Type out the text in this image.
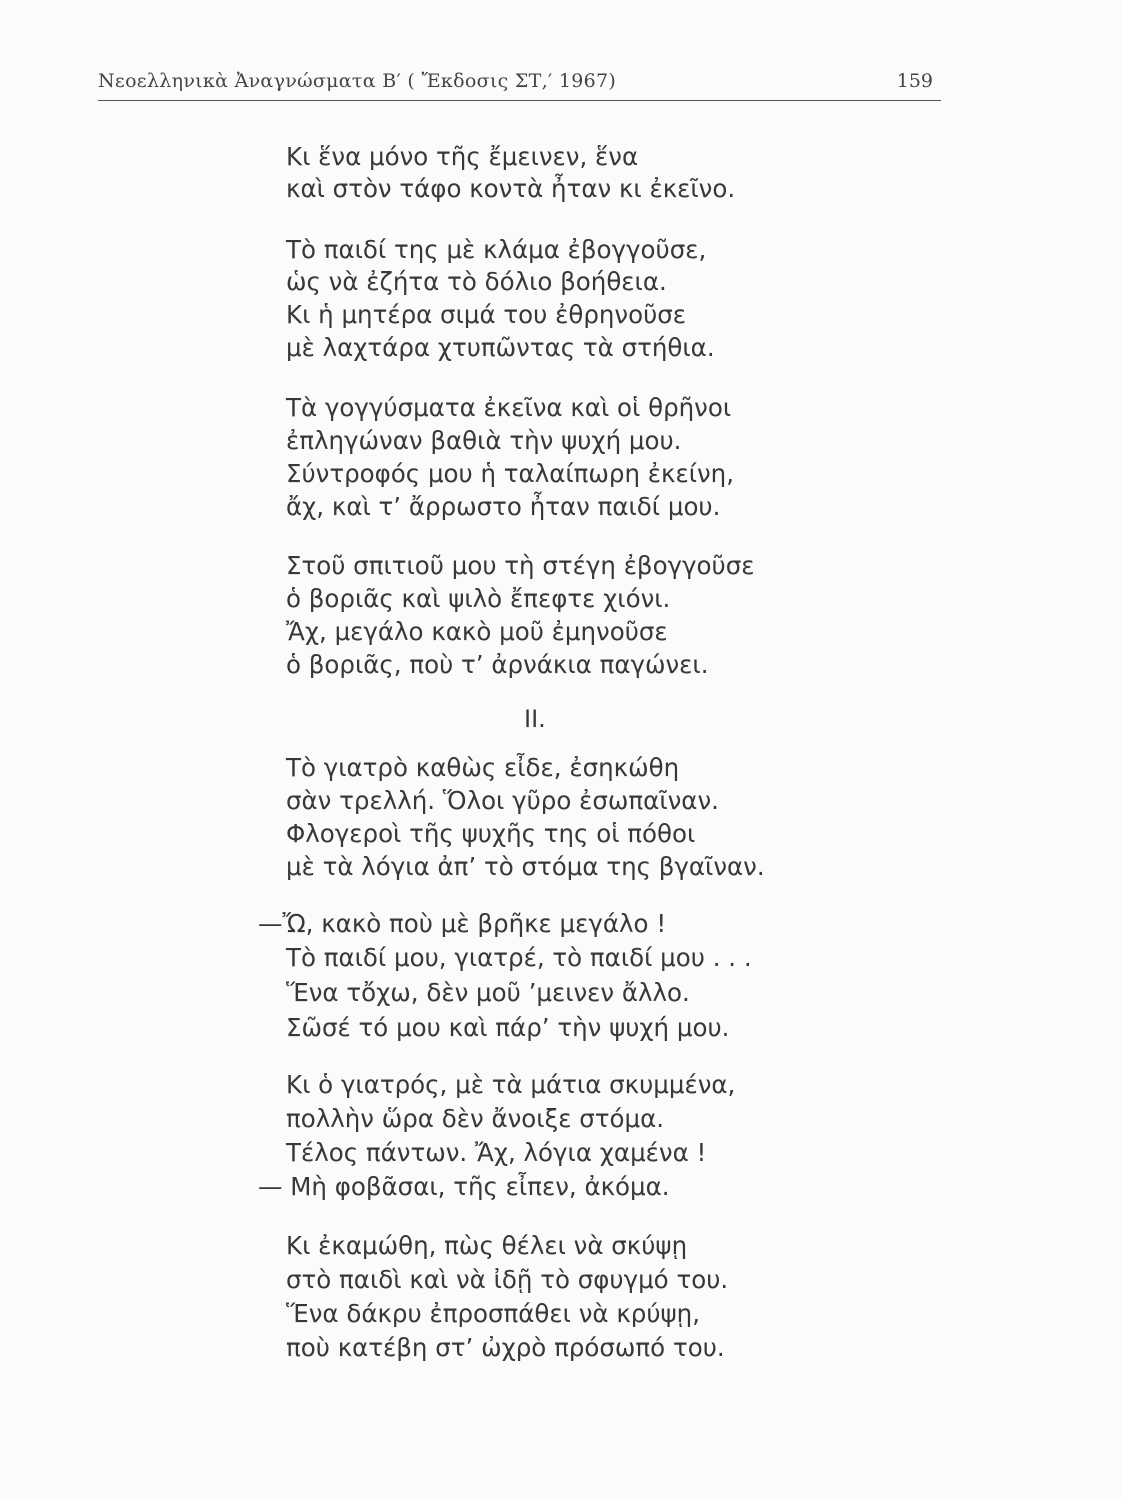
Νεοελληνικὰ Ἀναγνώσματα Β′ ( Ἔκδοσις ΣΤ,′ 1967)	159
Κι ἕνα μόνο τῆς ἔμεινεν, ἕνα
καὶ στὸν τάφο κοντὰ ἦταν κι ἐκεῖνο.
Τὸ παιδί της μὲ κλάμα ἐβογγοῦσε,
ὡς νὰ ἐζήτα τὸ δόλιο βοήθεια.
Κι ἡ μητέρα σιμά του ἐθρηνοῦσε
μὲ λαχτάρα χτυπῶντας τὰ στήθια.
Τὰ γογγύσματα ἐκεῖνα καὶ οἱ θρῆνοι
ἐπληγώναν βαθιὰ τὴν ψυχή μου.
Σύντροφός μου ἡ ταλαίπωρη ἐκείνη,
ἄχ, καὶ τ’ ἄρρωστο ἦταν παιδί μου.
Στοῦ σπιτιοῦ μου τὴ στέγη ἐβογγοῦσε
ὁ βοριᾶς καὶ ψιλὸ ἔπεφτε χιόνι.
Ἄχ, μεγάλο κακὸ μοῦ ἐμηνοῦσε
ὁ βοριᾶς, ποὺ τ’ ἀρνάκια παγώνει.
ΙΙ.
Τὸ γιατρὸ καθὼς εἶδε, ἐσηκώθη
σὰν τρελλή. Ὅλοι γῦρο ἐσωπαῖναν.
Φλογεροὶ τῆς ψυχῆς της οἱ πόθοι
μὲ τὰ λόγια ἀπ’ τὸ στόμα της βγαῖναν.
—Ὤ, κακὸ ποὺ μὲ βρῆκε μεγάλο !
Τὸ παιδί μου, γιατρέ, τὸ παιδί μου . . .
Ἕνα τὄχω, δὲν μοῦ ’μεινεν ἄλλο.
Σῶσέ τό μου καὶ πάρ’ τὴν ψυχή μου.
Κι ὁ γιατρός, μὲ τὰ μάτια σκυμμένα,
πολλὴν ὥρα δὲν ἄνοιξε στόμα.
Τέλος πάντων. Ἄχ, λόγια χαμένα !
— Μὴ φοβᾶσαι, τῆς εἶπεν, ἀκόμα.
Κι ἐκαμώθη, πὼς θέλει νὰ σκύψῃ
στὸ παιδὶ καὶ νὰ ἰδῇ τὸ σφυγμό του.
Ἕνα δάκρυ ἐπροσπάθει νὰ κρύψῃ,
ποὺ κατέβη στ’ ὠχρὸ πρόσωπό του.
